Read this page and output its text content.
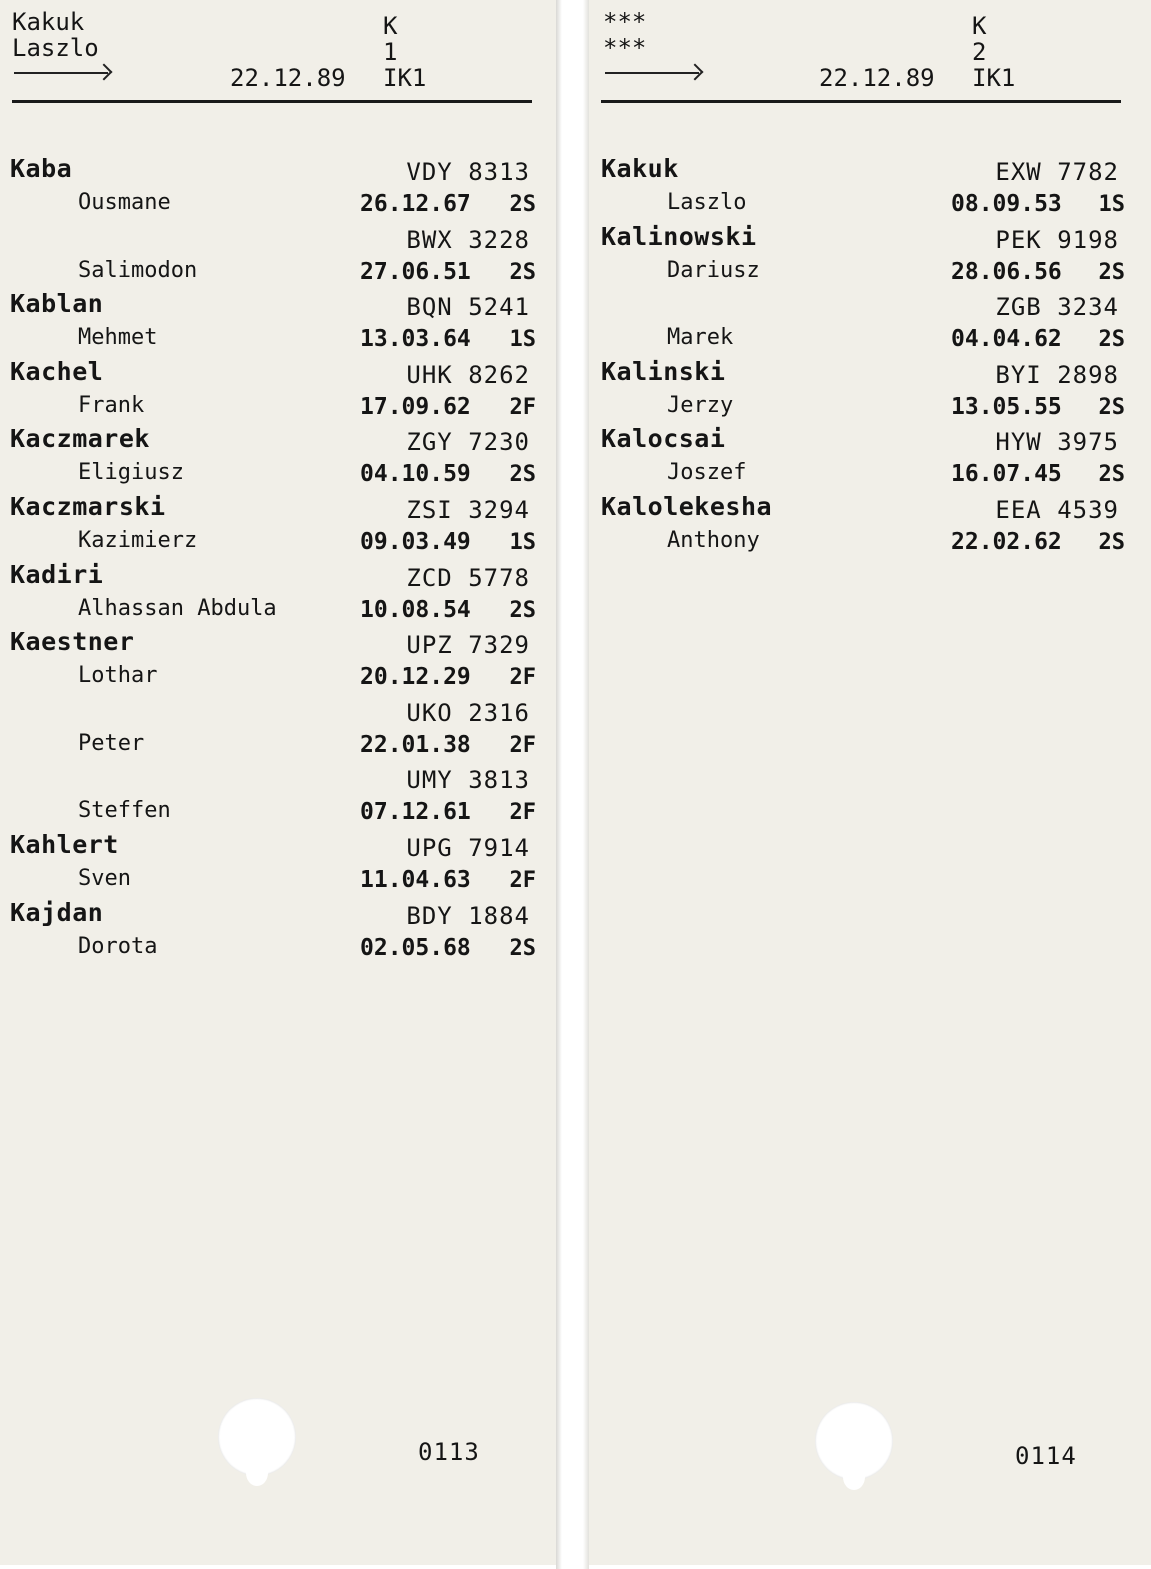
Kakuk
Laszlo
K
1
22.12.89 IK1
Kaba	VDY 8313
Ousmane	26.12.67 2S
BWX 3228
Salimodon	27.06.51 2S
Kablan	BQN 5241
Mehmet	13.03.64 1S
Kachel	UHK 8262
Frank	17.09.62 2F
Kaczmarek	ZGY 7230
Eligiusz	04.10.59 2S
Kaczmarski	ZSI 3294
Kazimierz	09.03.49 1S
Kadiri	ZCD 5778
Alhassan Abdula	10.08.54 2S
Kaestner	UPZ 7329
Lothar	20.12.29 2F
UKO 2316
Peter	22.01.38 2F
UMY 3813
Steffen	07.12.61 2F
Kahlert	UPG 7914
Sven	11.04.63 2F
Kajdan	BDY 1884
Dorota	02.05.68 2S
0113
***
***
K
2
22.12.89 IK1
Kakuk	EXW 7782
Laszlo	08.09.53 1S
Kalinowski	PEK 9198
Dariusz	28.06.56 2S
ZGB 3234
Marek	04.04.62 2S
Kalinski	BYI 2898
Jerzy	13.05.55 2S
Kalocsai	HYW 3975
Joszef	16.07.45 2S
Kalolekesha	EEA 4539
Anthony	22.02.62 2S
0114
